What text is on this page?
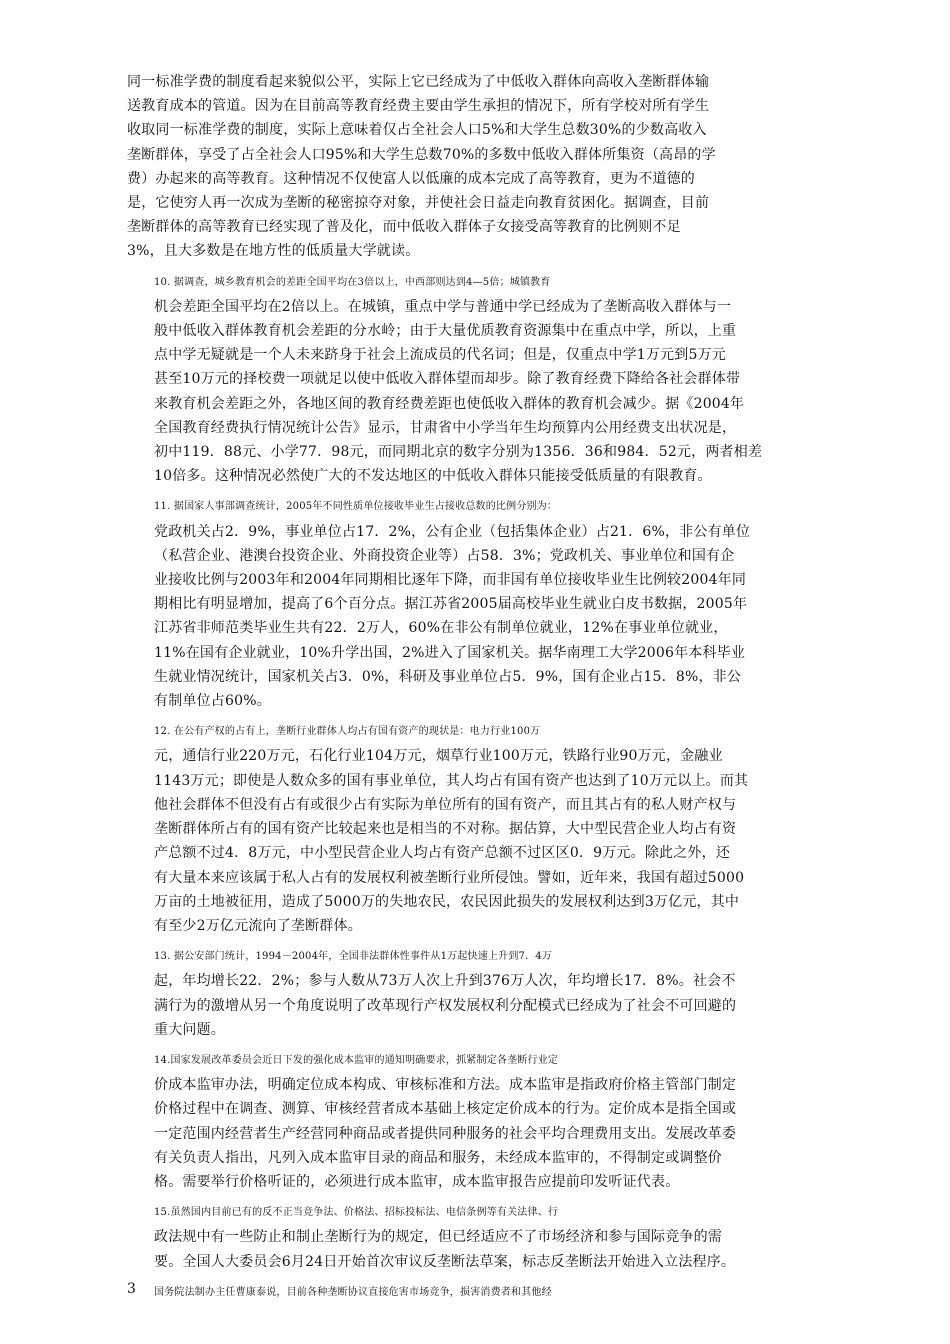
同一标准学费的制度看起来貌似公平，实际上它已经成为了中低收入群体向高收入垄断群体输
送教育成本的管道。因为在目前高等教育经费主要由学生承担的情况下，所有学校对所有学生
收取同一标准学费的制度，实际上意味着仅占全社会人口5%和大学生总数30%的少数高收入
垄断群体，享受了占全社会人口95%和大学生总数70%的多数中低收入群体所集资（高昂的学
费）办起来的高等教育。这种情况不仅使富人以低廉的成本完成了高等教育，更为不道德的
是，它使穷人再一次成为垄断的秘密掠夺对象，并使社会日益走向教育贫困化。据调查，目前
垄断群体的高等教育已经实现了普及化，而中低收入群体子女接受高等教育的比例则不足
3%，且大多数是在地方性的低质量大学就读。

10. 据调查，城乡教育机会的差距全国平均在3倍以上，中西部则达到4—5倍；城镇教育
机会差距全国平均在2倍以上。在城镇，重点中学与普通中学已经成为了垄断高收入群体与一
般中低收入群体教育机会差距的分水岭；由于大量优质教育资源集中在重点中学，所以，上重
点中学无疑就是一个人未来跻身于社会上流成员的代名词；但是，仅重点中学1万元到5万元
甚至10万元的择校费一项就足以使中低收入群体望而却步。除了教育经费下降给各社会群体带
来教育机会差距之外，各地区间的教育经费差距也使低收入群体的教育机会减少。据《2004年
全国教育经费执行情况统计公告》显示，甘肃省中小学当年生均预算内公用经费支出状况是，
初中119．88元、小学77．98元，而同期北京的数字分别为1356．36和984．52元，两者相差
10倍多。这种情况必然使广大的不发达地区的中低收入群体只能接受低质量的有限教育。

11. 据国家人事部调查统计，2005年不同性质单位接收毕业生占接收总数的比例分别为：
党政机关占2．9%，事业单位占17．2%，公有企业（包括集体企业）占21．6%，非公有单位
（私营企业、港澳台投资企业、外商投资企业等）占58．3%；党政机关、事业单位和国有企
业接收比例与2003年和2004年同期相比逐年下降，而非国有单位接收毕业生比例较2004年同
期相比有明显增加，提高了6个百分点。据江苏省2005届高校毕业生就业白皮书数据，2005年
江苏省非师范类毕业生共有22．2万人，60%在非公有制单位就业，12%在事业单位就业，
11%在国有企业就业，10%升学出国，2%进入了国家机关。据华南理工大学2006年本科毕业
生就业情况统计，国家机关占3．0%，科研及事业单位占5．9%，国有企业占15．8%，非公
有制单位占60%。

12. 在公有产权的占有上，垄断行业群体人均占有国有资产的现状是：电力行业100万
元，通信行业220万元，石化行业104万元，烟草行业100万元，铁路行业90万元，金融业
1143万元；即使是人数众多的国有事业单位，其人均占有国有资产也达到了10万元以上。而其
他社会群体不但没有占有或很少占有实际为单位所有的国有资产，而且其占有的私人财产权与
垄断群体所占有的国有资产比较起来也是相当的不对称。据估算，大中型民营企业人均占有资
产总额不过4．8万元，中小型民营企业人均占有资产总额不过区区0．9万元。除此之外，还
有大量本来应该属于私人占有的发展权利被垄断行业所侵蚀。譬如，近年来，我国有超过5000
万亩的土地被征用，造成了5000万的失地农民，农民因此损失的发展权利达到3万亿元，其中
有至少2万亿元流向了垄断群体。

13. 据公安部门统计，1994－2004年，全国非法群体性事件从1万起快速上升到7．4万
起，年均增长22．2%；参与人数从73万人次上升到376万人次，年均增长17．8%。社会不
满行为的激增从另一个角度说明了改革现行产权发展权利分配模式已经成为了社会不可回避的
重大问题。

14.国家发展改革委员会近日下发的强化成本监审的通知明确要求，抓紧制定各垄断行业定
价成本监审办法，明确定位成本构成、审核标准和方法。成本监审是指政府价格主管部门制定
价格过程中在调查、测算、审核经营者成本基础上核定定价成本的行为。定价成本是指全国或
一定范围内经营者生产经营同种商品或者提供同种服务的社会平均合理费用支出。发展改革委
有关负责人指出，凡列入成本监审目录的商品和服务，未经成本监审的，不得制定或调整价
格。需要举行价格听证的，必须进行成本监审，成本监审报告应提前印发听证代表。

15.虽然国内目前已有的反不正当竞争法、价格法、招标投标法、电信条例等有关法律、行
政法规中有一些防止和制止垄断行为的规定，但已经适应不了市场经济和参与国际竞争的需
要。全国人大委员会6月24日开始首次审议反垄断法草案，标志反垄断法开始进入立法程序。

国务院法制办主任曹康泰说，目前各种垄断协议直接危害市场竞争，损害消费者和其他经

3
